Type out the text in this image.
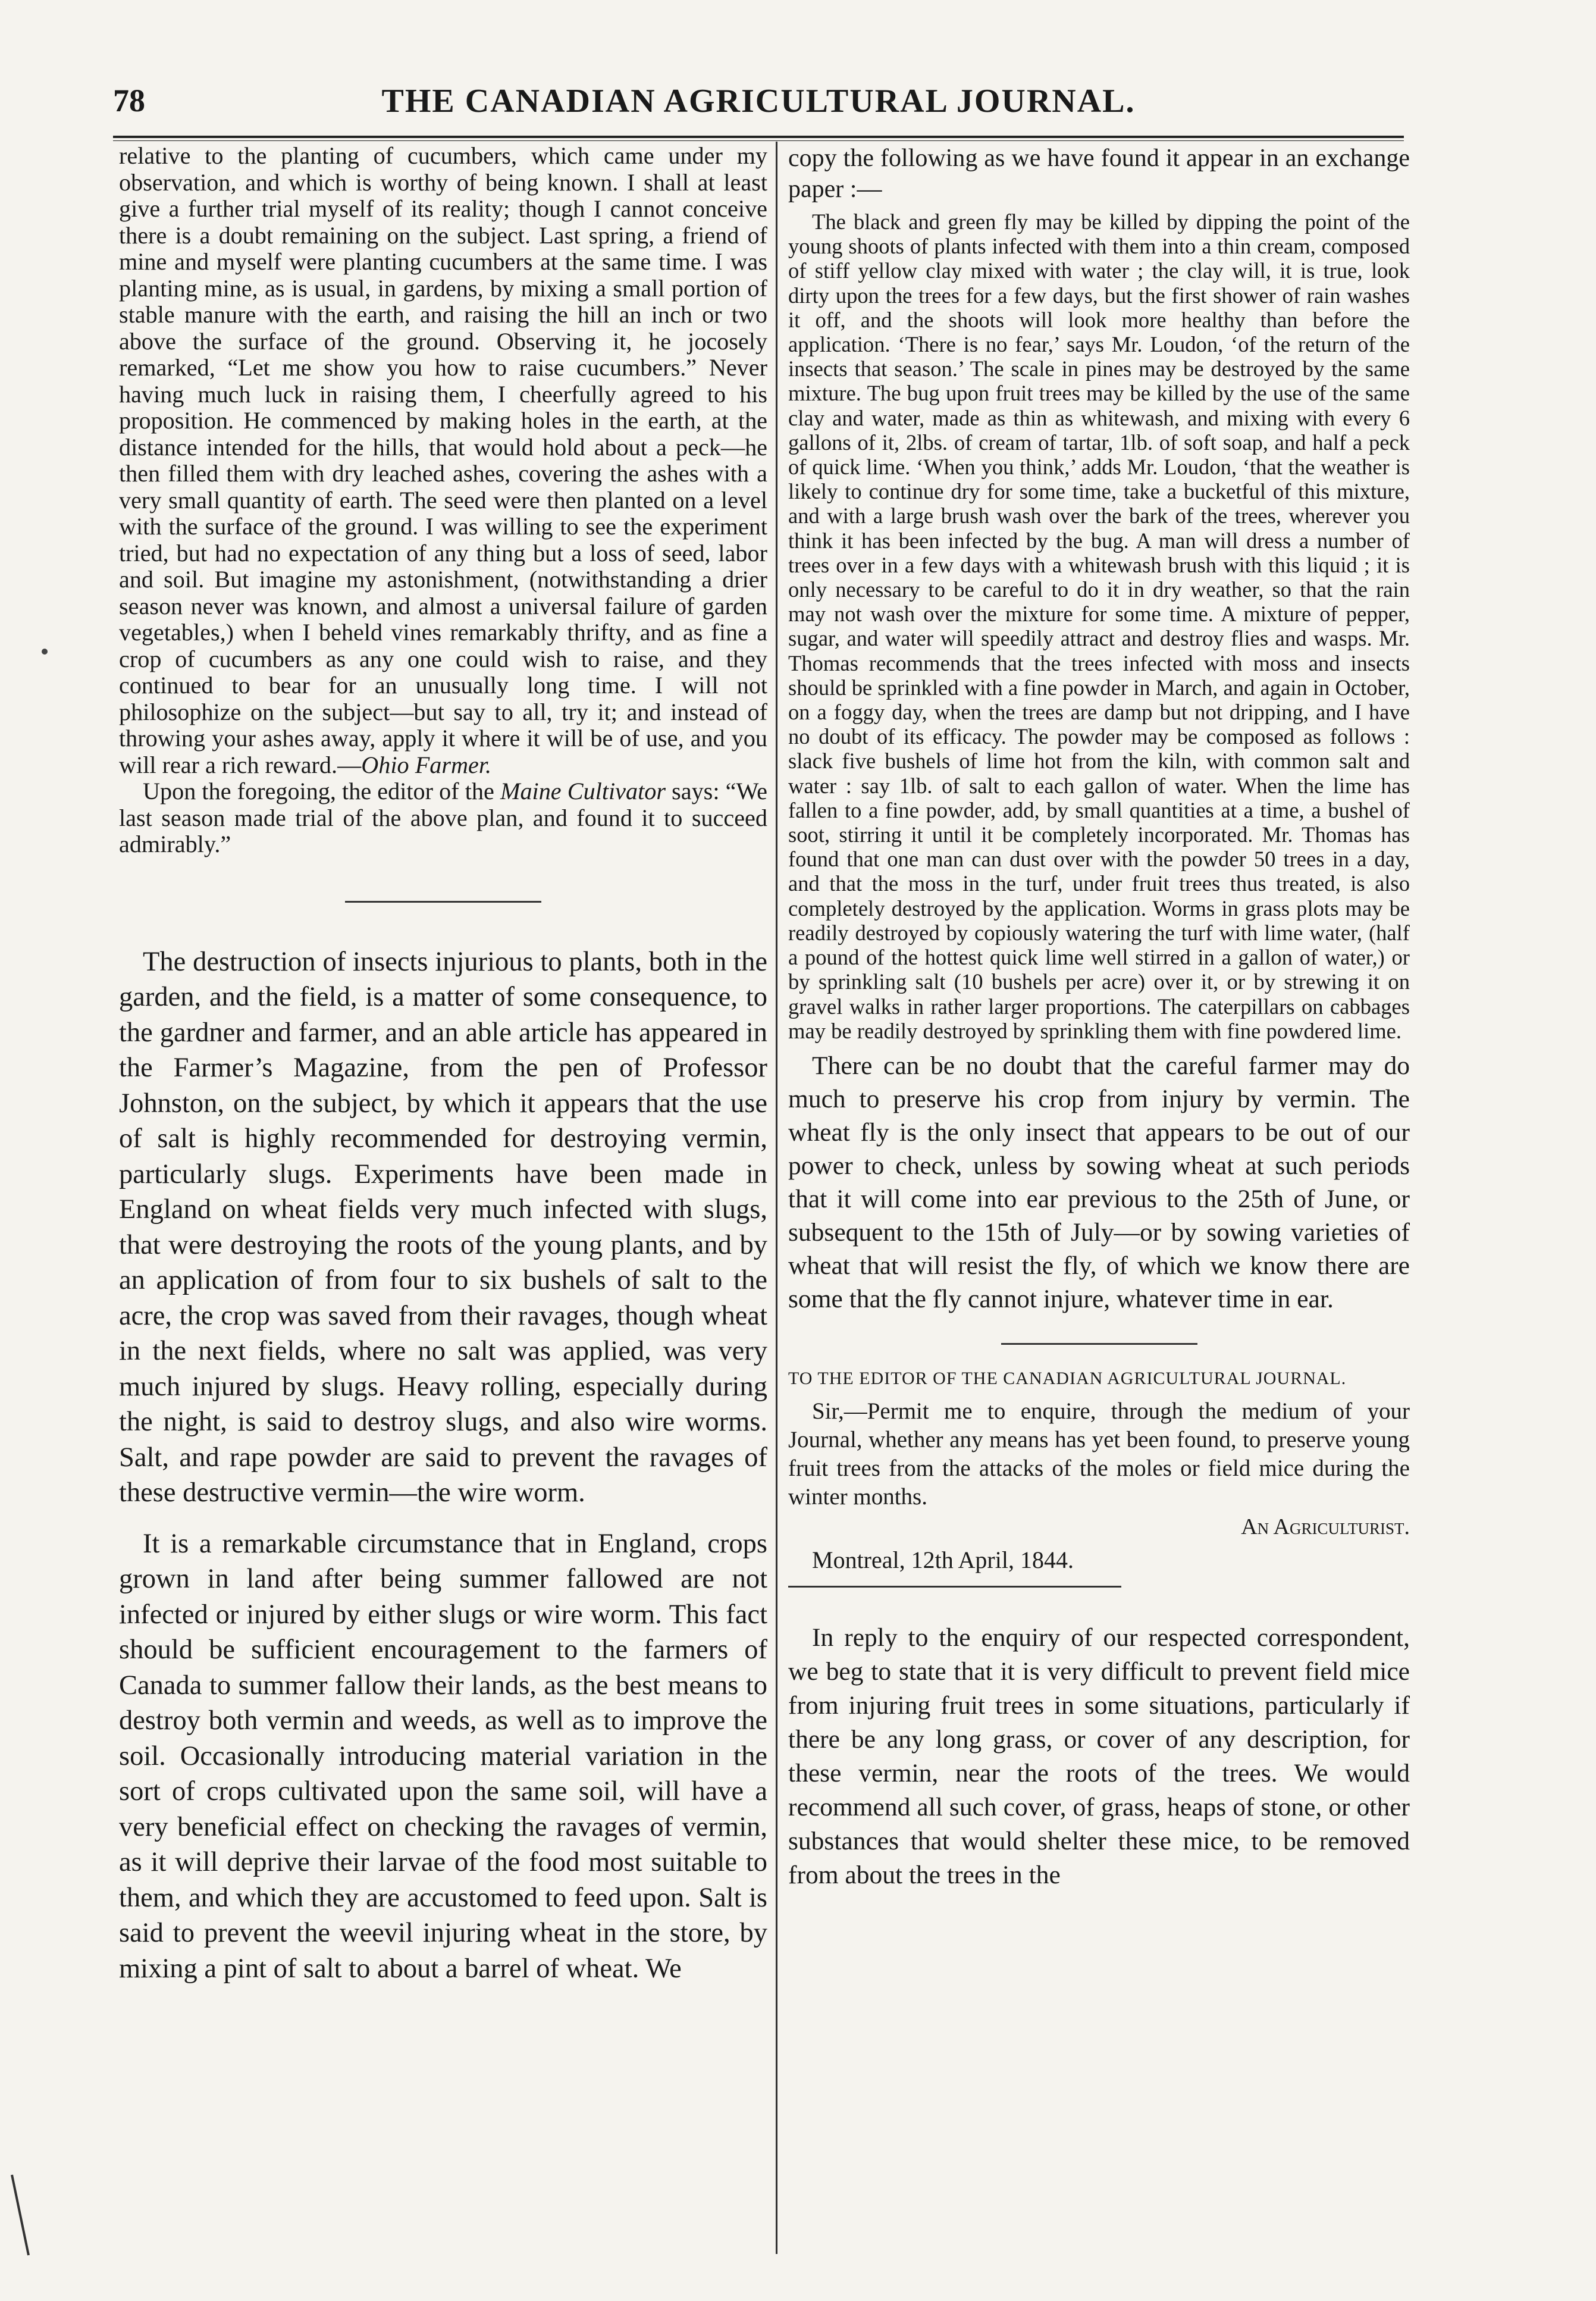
78	THE CANADIAN AGRICULTURAL JOURNAL.

relative to the planting of cucumbers, which came under my observation, and which is worthy of being known. I shall at least give a further trial myself of its reality; though I cannot conceive there is a doubt remaining on the subject. Last spring, a friend of mine and myself were planting cucumbers at the same time. I was planting mine, as is usual, in gardens, by mixing a small portion of stable manure with the earth, and raising the hill an inch or two above the surface of the ground. Observing it, he jocosely remarked, “Let me show you how to raise cucumbers.” Never having much luck in raising them, I cheerfully agreed to his proposition. He commenced by making holes in the earth, at the distance intended for the hills, that would hold about a peck—he then filled them with dry leached ashes, covering the ashes with a very small quantity of earth. The seed were then planted on a level with the surface of the ground. I was willing to see the experiment tried, but had no expectation of any thing but a loss of seed, labor and soil. But imagine my astonishment, (notwithstanding a drier season never was known, and almost a universal failure of garden vegetables,) when I beheld vines remarkably thrifty, and as fine a crop of cucumbers as any one could wish to raise, and they continued to bear for an unusually long time. I will not philosophize on the subject—but say to all, try it; and instead of throwing your ashes away, apply it where it will be of use, and you will rear a rich reward.—Ohio Farmer.

Upon the foregoing, the editor of the Maine Cultivator says: “We last season made trial of the above plan, and found it to succeed admirably.”

The destruction of insects injurious to plants, both in the garden, and the field, is a matter of some consequence, to the gardner and farmer, and an able article has appeared in the Farmer’s Magazine, from the pen of Professor Johnston, on the subject, by which it appears that the use of salt is highly recommended for destroying vermin, particularly slugs. Experiments have been made in England on wheat fields very much infected with slugs, that were destroying the roots of the young plants, and by an application of from four to six bushels of salt to the acre, the crop was saved from their ravages, though wheat in the next fields, where no salt was applied, was very much injured by slugs. Heavy rolling, especially during the night, is said to destroy slugs, and also wire worms. Salt, and rape powder are said to prevent the ravages of these destructive vermin—the wire worm.

It is a remarkable circumstance that in England, crops grown in land after being summer fallowed are not infected or injured by either slugs or wire worm. This fact should be sufficient encouragement to the farmers of Canada to summer fallow their lands, as the best means to destroy both vermin and weeds, as well as to improve the soil. Occasionally introducing material variation in the sort of crops cultivated upon the same soil, will have a very beneficial effect on checking the ravages of vermin, as it will deprive their larvae of the food most suitable to them, and which they are accustomed to feed upon. Salt is said to prevent the weevil injuring wheat in the store, by mixing a pint of salt to about a barrel of wheat. We

copy the following as we have found it appear in an exchange paper :—

The black and green fly may be killed by dipping the point of the young shoots of plants infected with them into a thin cream, composed of stiff yellow clay mixed with water ; the clay will, it is true, look dirty upon the trees for a few days, but the first shower of rain washes it off, and the shoots will look more healthy than before the application. ‘There is no fear,’ says Mr. Loudon, ‘of the return of the insects that season.’ The scale in pines may be destroyed by the same mixture. The bug upon fruit trees may be killed by the use of the same clay and water, made as thin as whitewash, and mixing with every 6 gallons of it, 2lbs. of cream of tartar, 1lb. of soft soap, and half a peck of quick lime. ‘When you think,’ adds Mr. Loudon, ‘that the weather is likely to continue dry for some time, take a bucketful of this mixture, and with a large brush wash over the bark of the trees, wherever you think it has been infected by the bug. A man will dress a number of trees over in a few days with a whitewash brush with this liquid ; it is only necessary to be careful to do it in dry weather, so that the rain may not wash over the mixture for some time. A mixture of pepper, sugar, and water will speedily attract and destroy flies and wasps. Mr. Thomas recommends that the trees infected with moss and insects should be sprinkled with a fine powder in March, and again in October, on a foggy day, when the trees are damp but not dripping, and I have no doubt of its efficacy. The powder may be composed as follows : slack five bushels of lime hot from the kiln, with common salt and water : say 1lb. of salt to each gallon of water. When the lime has fallen to a fine powder, add, by small quantities at a time, a bushel of soot, stirring it until it be completely incorporated. Mr. Thomas has found that one man can dust over with the powder 50 trees in a day, and that the moss in the turf, under fruit trees thus treated, is also completely destroyed by the application. Worms in grass plots may be readily destroyed by copiously watering the turf with lime water, (half a pound of the hottest quick lime well stirred in a gallon of water,) or by sprinkling salt (10 bushels per acre) over it, or by strewing it on gravel walks in rather larger proportions. The caterpillars on cabbages may be readily destroyed by sprinkling them with fine powdered lime.

There can be no doubt that the careful farmer may do much to preserve his crop from injury by vermin. The wheat fly is the only insect that appears to be out of our power to check, unless by sowing wheat at such periods that it will come into ear previous to the 25th of June, or subsequent to the 15th of July—or by sowing varieties of wheat that will resist the fly, of which we know there are some that the fly cannot injure, whatever time in ear.

TO THE EDITOR OF THE CANADIAN AGRICULTURAL JOURNAL.

Sir,—Permit me to enquire, through the medium of your Journal, whether any means has yet been found, to preserve young fruit trees from the attacks of the moles or field mice during the winter months.

An Agriculturist.

Montreal, 12th April, 1844.

In reply to the enquiry of our respected correspondent, we beg to state that it is very difficult to prevent field mice from injuring fruit trees in some situations, particularly if there be any long grass, or cover of any description, for these vermin, near the roots of the trees. We would recommend all such cover, of grass, heaps of stone, or other substances that would shelter these mice, to be removed from about the trees in the
